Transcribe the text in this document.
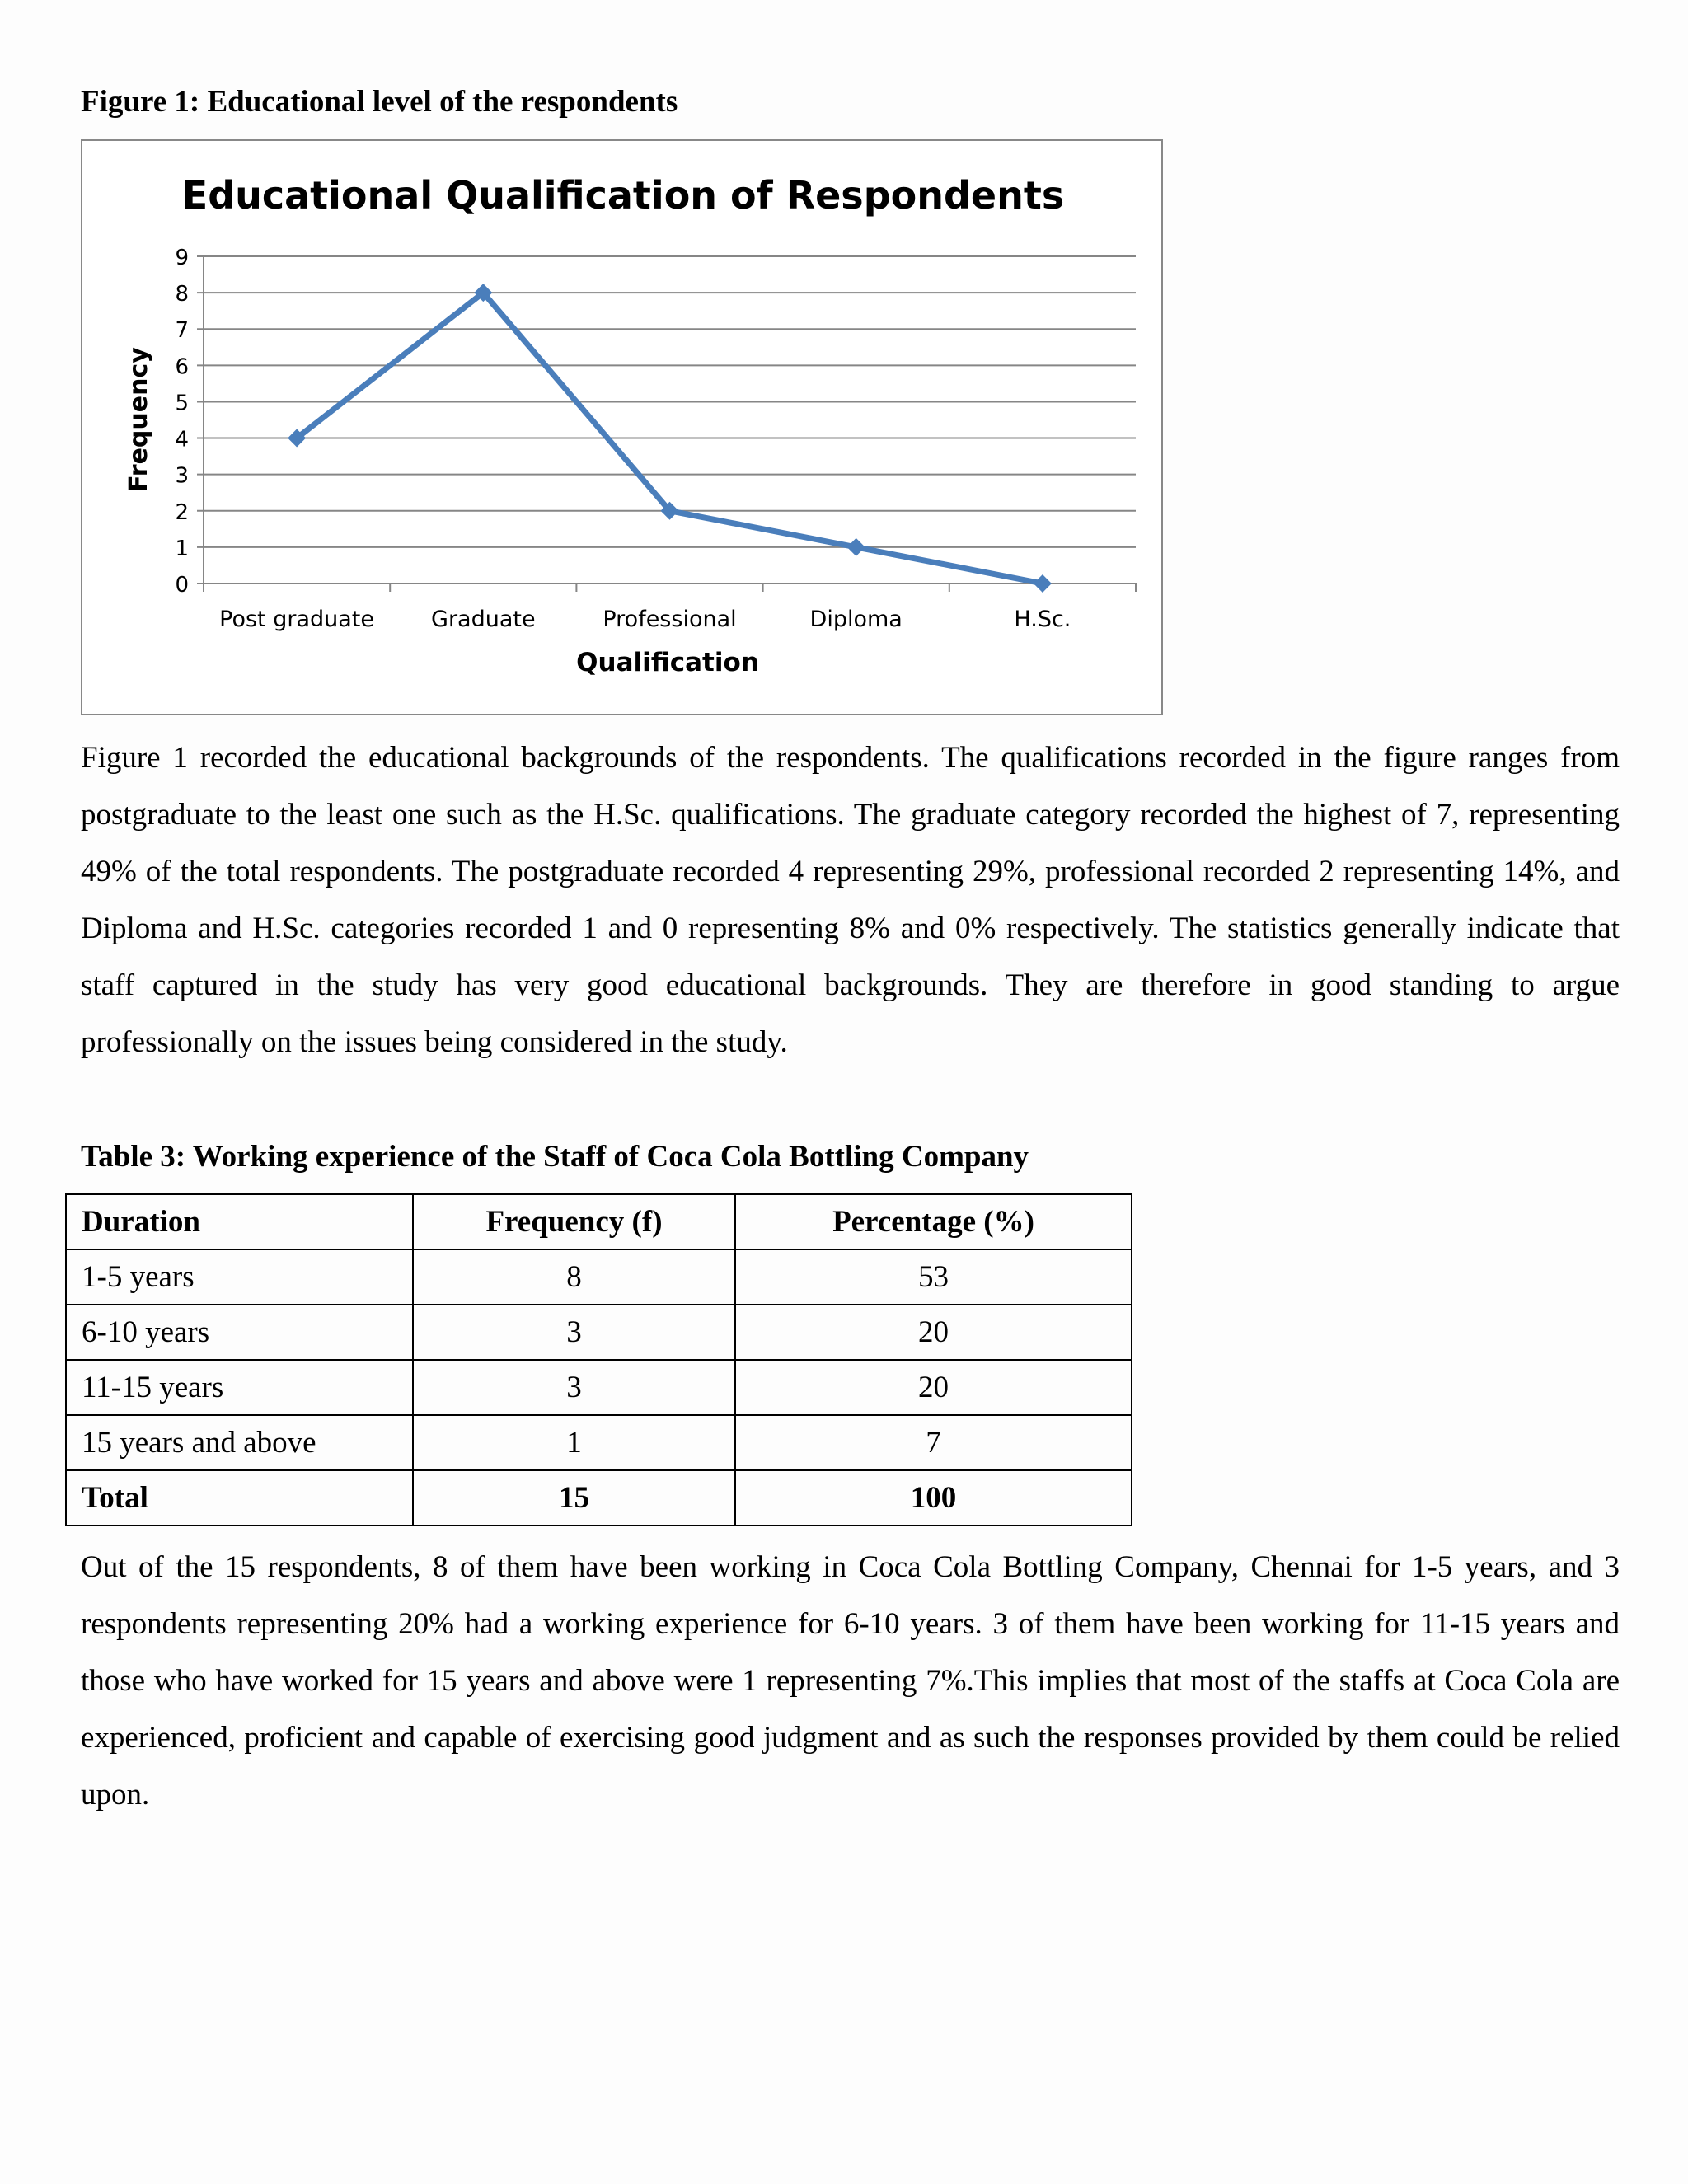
Figure 1: Educational level of the respondents
Educational Qualification of Respondents
Qualification
Frequency
0
1
2
3
4
5
6
7
8
9
Post graduate	Graduate	Professional	Diploma	H.Sc.

Figure 1 recorded the educational backgrounds of the respondents. The qualifications recorded in the figure ranges from postgraduate to the least one such as the H.Sc. qualifications. The graduate category recorded the highest of 7, representing 49% of the total respondents. The postgraduate recorded 4 representing 29%, professional recorded 2 representing 14%, and Diploma and H.Sc. categories recorded 1 and 0 representing 8% and 0% respectively. The statistics generally indicate that staff captured in the study has very good educational backgrounds. They are therefore in good standing to argue professionally on the issues being considered in the study.

Table 3: Working experience of the Staff of Coca Cola Bottling Company
Duration	Frequency (f)	Percentage (%)
1-5 years	8	53
6-10 years	3	20
11-15 years	3	20
15 years and above	1	7
Total	15	100

Out of the 15 respondents, 8 of them have been working in Coca Cola Bottling Company, Chennai for 1-5 years, and 3 respondents representing 20% had a working experience for 6-10 years. 3 of them have been working for 11-15 years and those who have worked for 15 years and above were 1 representing 7%.This implies that most of the staffs at Coca Cola are experienced, proficient and capable of exercising good judgment and as such the responses provided by them could be relied upon.
